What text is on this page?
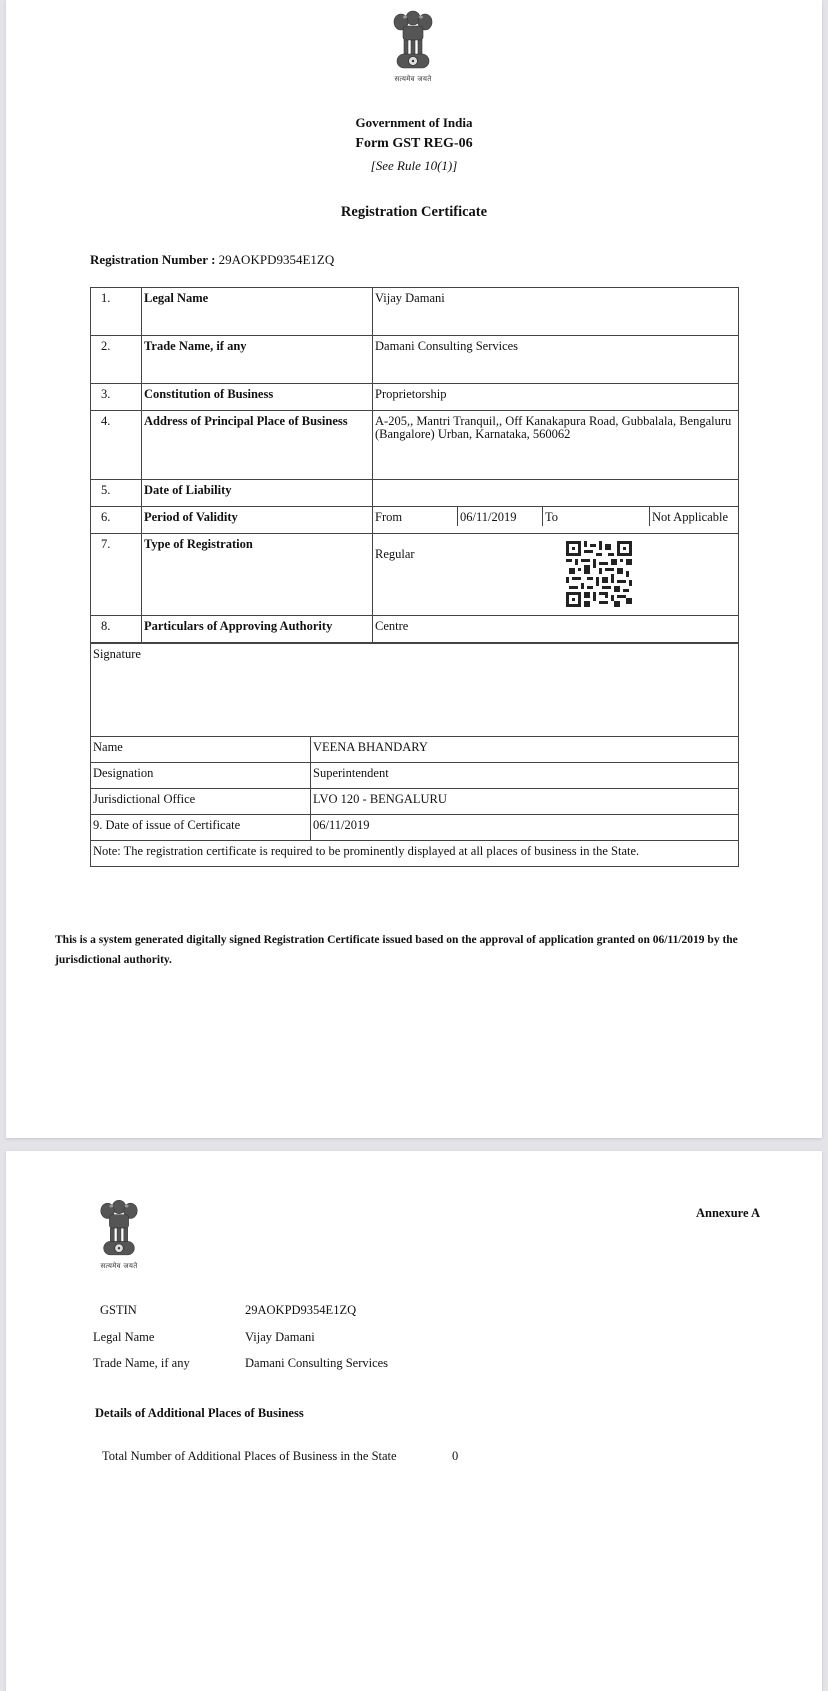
सत्यमेव जयते
Government of India
Form GST REG-06
[See Rule 10(1)]
Registration Certificate
Registration Number : 29AOKPD9354E1ZQ
1.	Legal Name	Vijay Damani
2.	Trade Name, if any	Damani Consulting Services
3.	Constitution of Business	Proprietorship
4.	Address of Principal Place of Business	A-205,, Mantri Tranquil,, Off Kanakapura Road, Gubbalala, Bengaluru (Bangalore) Urban, Karnataka, 560062
5.	Date of Liability	
6.	Period of Validity		From	06/11/2019	To	Not Applicable

7.	Type of Registration	
Regular

8.	Particulars of Approving Authority	Centre
Signature	
Name	VEENA BHANDARY
Designation	Superintendent
Jurisdictional Office	LVO 120 - BENGALURU
9. Date of issue of Certificate	06/11/2019
Note: The registration certificate is required to be prominently displayed at all places of business in the State.	
This is a system generated digitally signed Registration Certificate issued based on the approval of application granted on 06/11/2019 by the jurisdictional authority.
सत्यमेव जयते
Annexure A
GSTIN	29AOKPD9354E1ZQ
Legal Name	Vijay Damani
Trade Name, if any	Damani Consulting Services
Details of Additional Places of Business
Total Number of Additional Places of Business in the State	0
